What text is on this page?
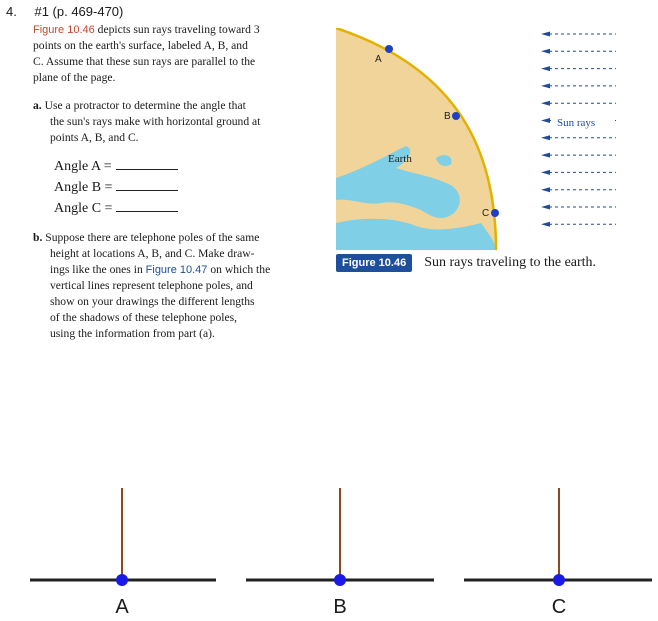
4. #1 (p. 469-470)
Figure 10.46 depicts sun rays traveling toward 3
points on the earth's surface, labeled A, B, and
C. Assume that these sun rays are parallel to the
plane of the page.
a. Use a protractor to determine the angle that
the sun's rays make with horizontal ground at
points A, B, and C.
Angle A =
Angle B =
Angle C =
b. Suppose there are telephone poles of the same
height at locations A, B, and C. Make draw-
ings like the ones in Figure 10.47 on which the
vertical lines represent telephone poles, and
show on your drawings the different lengths
of the shadows of these telephone poles,
using the information from part (a).
A
B
C
Earth
Sun rays
Figure 10.46	Sun rays traveling to the earth.
A	B	C
